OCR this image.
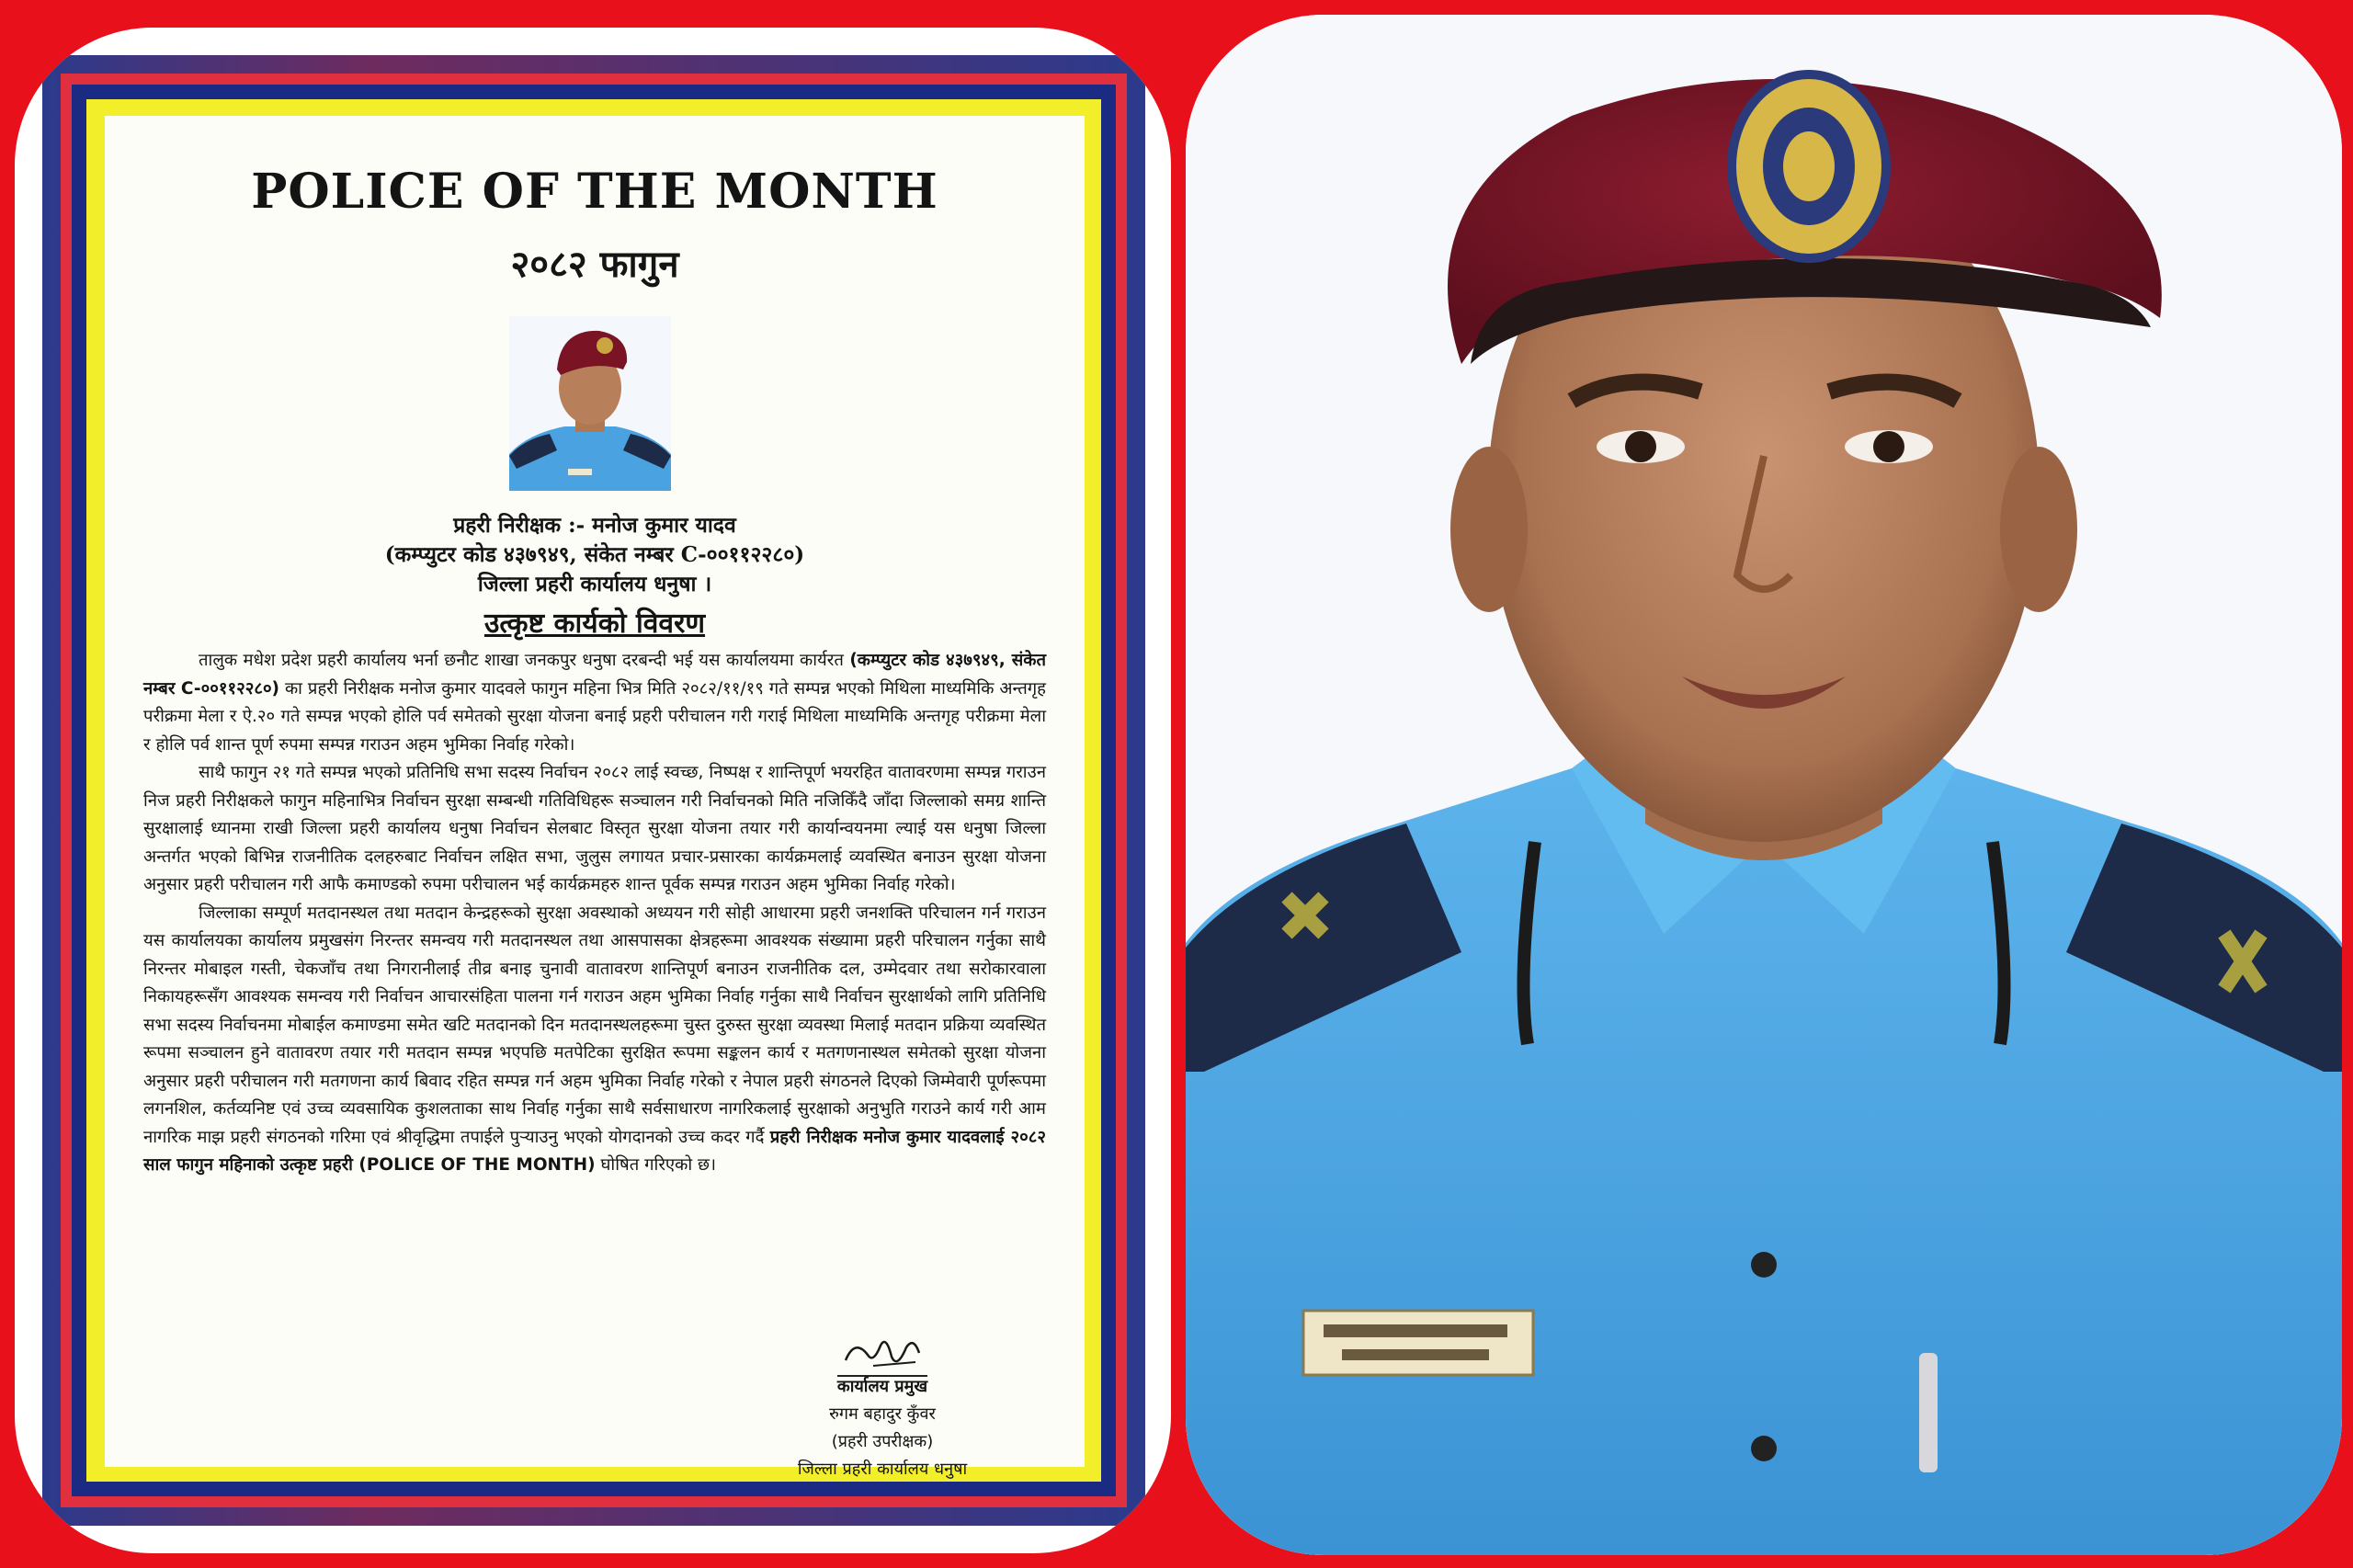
POLICE OF THE MONTH
२०८२ फागुन
प्रहरी निरीक्षक :- मनोज कुमार यादव
(कम्प्युटर कोड ४३७९४९, संकेत नम्बर C-००११२२८०)
जिल्ला प्रहरी कार्यालय धनुषा ।
उत्कृष्ट कार्यको विवरण

तालुक मधेश प्रदेश प्रहरी कार्यालय भर्ना छनौट शाखा जनकपुर धनुषा दरबन्दी भई यस कार्यालयमा कार्यरत (कम्प्युटर कोड ४३७९४९, संकेत नम्बर C-००११२२८०) का प्रहरी निरीक्षक मनोज कुमार यादवले फागुन महिना भित्र मिति २०८२/११/१९ गते सम्पन्न भएको मिथिला माध्यमिकि अन्तगृह परीक्रमा मेला र ऐ.२० गते सम्पन्न भएको होलि पर्व समेतको सुरक्षा योजना बनाई प्रहरी परीचालन गरी गराई मिथिला माध्यमिकि अन्तगृह परीक्रमा मेला र होलि पर्व शान्त पूर्ण रुपमा सम्पन्न गराउन अहम भुमिका निर्वाह गरेको।

साथै फागुन २१ गते सम्पन्न भएको प्रतिनिधि सभा सदस्य निर्वाचन २०८२ लाई स्वच्छ, निष्पक्ष र शान्तिपूर्ण भयरहित वातावरणमा सम्पन्न गराउन निज प्रहरी निरीक्षकले फागुन महिनाभित्र निर्वाचन सुरक्षा सम्बन्धी गतिविधिहरू सञ्चालन गरी निर्वाचनको मिति नजिकिँदै जाँदा जिल्लाको समग्र शान्ति सुरक्षालाई ध्यानमा राखी जिल्ला प्रहरी कार्यालय धनुषा निर्वाचन सेलबाट विस्तृत सुरक्षा योजना तयार गरी कार्यान्वयनमा ल्याई यस धनुषा जिल्ला अन्तर्गत भएको बिभिन्न राजनीतिक दलहरुबाट निर्वाचन लक्षित सभा, जुलुस लगायत प्रचार-प्रसारका कार्यक्रमलाई व्यवस्थित बनाउन सुरक्षा योजना अनुसार प्रहरी परीचालन गरी आफै कमाण्डको रुपमा परीचालन भई कार्यक्रमहरु शान्त पूर्वक सम्पन्न गराउन अहम भुमिका निर्वाह गरेको।

जिल्लाका सम्पूर्ण मतदानस्थल तथा मतदान केन्द्रहरूको सुरक्षा अवस्थाको अध्ययन गरी सोही आधारमा प्रहरी जनशक्ति परिचालन गर्न गराउन यस कार्यालयका कार्यालय प्रमुखसंग निरन्तर समन्वय गरी मतदानस्थल तथा आसपासका क्षेत्रहरूमा आवश्यक संख्यामा प्रहरी परिचालन गर्नुका साथै निरन्तर मोबाइल गस्ती, चेकजाँच तथा निगरानीलाई तीव्र बनाइ चुनावी वातावरण शान्तिपूर्ण बनाउन राजनीतिक दल, उम्मेदवार तथा सरोकारवाला निकायहरूसँग आवश्यक समन्वय गरी निर्वाचन आचारसंहिता पालना गर्न गराउन अहम भुमिका निर्वाह गर्नुका साथै निर्वाचन सुरक्षार्थको लागि प्रतिनिधि सभा सदस्य निर्वाचनमा मोबाईल कमाण्डमा समेत खटि मतदानको दिन मतदानस्थलहरूमा चुस्त दुरुस्त सुरक्षा व्यवस्था मिलाई मतदान प्रक्रिया व्यवस्थित रूपमा सञ्चालन हुने वातावरण तयार गरी मतदान सम्पन्न भएपछि मतपेटिका सुरक्षित रूपमा सङ्कलन कार्य र मतगणनास्थल समेतको सुरक्षा योजना अनुसार प्रहरी परीचालन गरी मतगणना कार्य बिवाद रहित सम्पन्न गर्न अहम भुमिका निर्वाह गरेको र नेपाल प्रहरी संगठनले दिएको जिम्मेवारी पूर्णरूपमा लगनशिल, कर्तव्यनिष्ट एवं उच्च व्यवसायिक कुशलताका साथ निर्वाह गर्नुका साथै सर्वसाधारण नागरिकलाई सुरक्षाको अनुभुति गराउने कार्य गरी आम नागरिक माझ प्रहरी संगठनको गरिमा एवं श्रीवृद्धिमा तपाईले पुऱ्याउनु भएको योगदानको उच्च कदर गर्दै प्रहरी निरीक्षक मनोज कुमार यादवलाई २०८२ साल फागुन महिनाको उत्कृष्ट प्रहरी (POLICE OF THE MONTH) घोषित गरिएको छ।

कार्यालय प्रमुख
रुगम बहादुर कुँवर
(प्रहरी उपरीक्षक)
जिल्ला प्रहरी कार्यालय धनुषा
